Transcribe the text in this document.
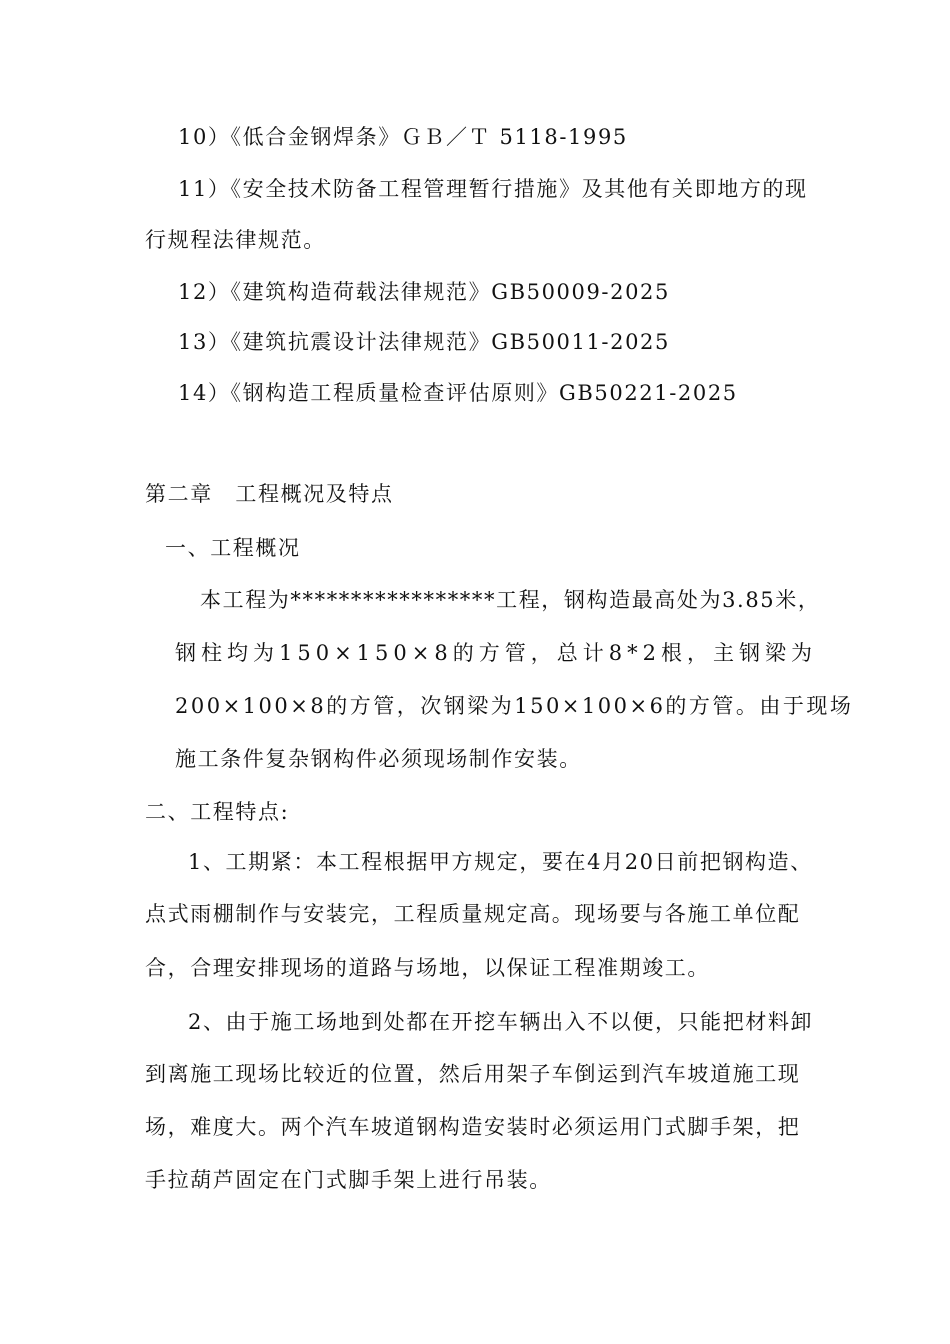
10）《低合金钢焊条》ＧＢ／Ｔ 5118-1995
11）《安全技术防备工程管理暂行措施》及其他有关即地方的现
行规程法律规范。
12）《建筑构造荷载法律规范》GB50009-2025
13）《建筑抗震设计法律规范》GB50011-2025
14）《钢构造工程质量检查评估原则》GB50221-2025
第二章　工程概况及特点
一、工程概况
本工程为*****************工程，钢构造最高处为3.85米，
钢柱均为150×150×8的方管，总计8*2根，主钢梁为
200×100×8的方管，次钢梁为150×100×6的方管。由于现场
施工条件复杂钢构件必须现场制作安装。
二、工程特点:
1、工期紧：本工程根据甲方规定，要在4月20日前把钢构造、
点式雨棚制作与安装完，工程质量规定高。现场要与各施工单位配
合，合理安排现场的道路与场地，以保证工程准期竣工。
2、由于施工场地到处都在开挖车辆出入不以便，只能把材料卸
到离施工现场比较近的位置，然后用架子车倒运到汽车坡道施工现
场，难度大。两个汽车坡道钢构造安装时必须运用门式脚手架，把
手拉葫芦固定在门式脚手架上进行吊装。
